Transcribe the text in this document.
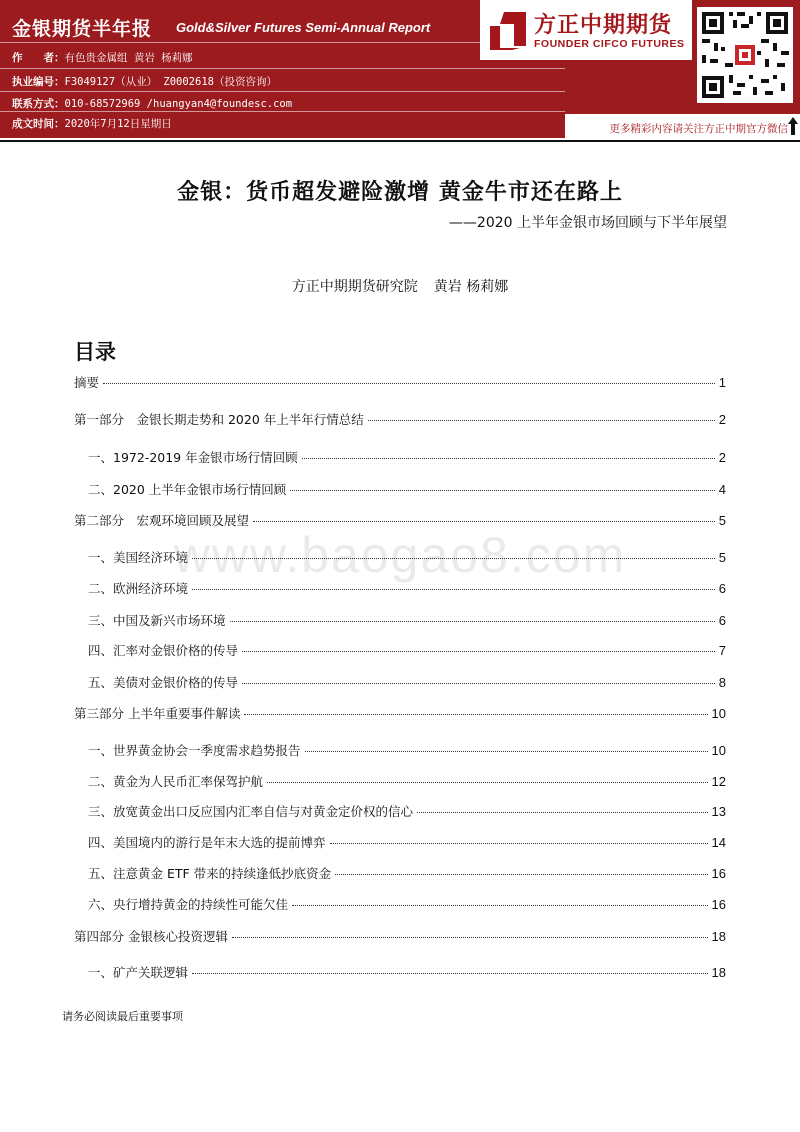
金银期货半年报 Gold&Silver Futures Semi-Annual Report
作　　者：有色贵金属组 黄岩 杨莉娜
执业编号：F3049127（从业） Z0002618（投资咨询）
联系方式：010-68572969 /huangyan4@foundesc.com
成文时间：2020年7月12日星期日
方正中期期货
FOUNDER CIFCO FUTURES
更多精彩内容请关注方正中期官方微信
金银：货币超发避险激增 黄金牛市还在路上
——2020 上半年金银市场回顾与下半年展望
方正中期期货研究院 黄岩 杨莉娜
www.baogao8.com
目录
摘要	1
第一部分　金银长期走势和 2020 年上半年行情总结	2
一、1972-2019 年金银市场行情回顾	2
二、2020 上半年金银市场行情回顾	4
第二部分　宏观环境回顾及展望	5
一、美国经济环境	5
二、欧洲经济环境	6
三、中国及新兴市场环境	6
四、汇率对金银价格的传导	7
五、美债对金银价格的传导	8
第三部分 上半年重要事件解读	10
一、世界黄金协会一季度需求趋势报告	10
二、黄金为人民币汇率保驾护航	12
三、放宽黄金出口反应国内汇率自信与对黄金定价权的信心	13
四、美国境内的游行是年末大选的提前博弈	14
五、注意黄金 ETF 带来的持续逢低抄底资金	16
六、央行增持黄金的持续性可能欠佳	16
第四部分 金银核心投资逻辑	18
一、矿产关联逻辑	18
请务必阅读最后重要事项
